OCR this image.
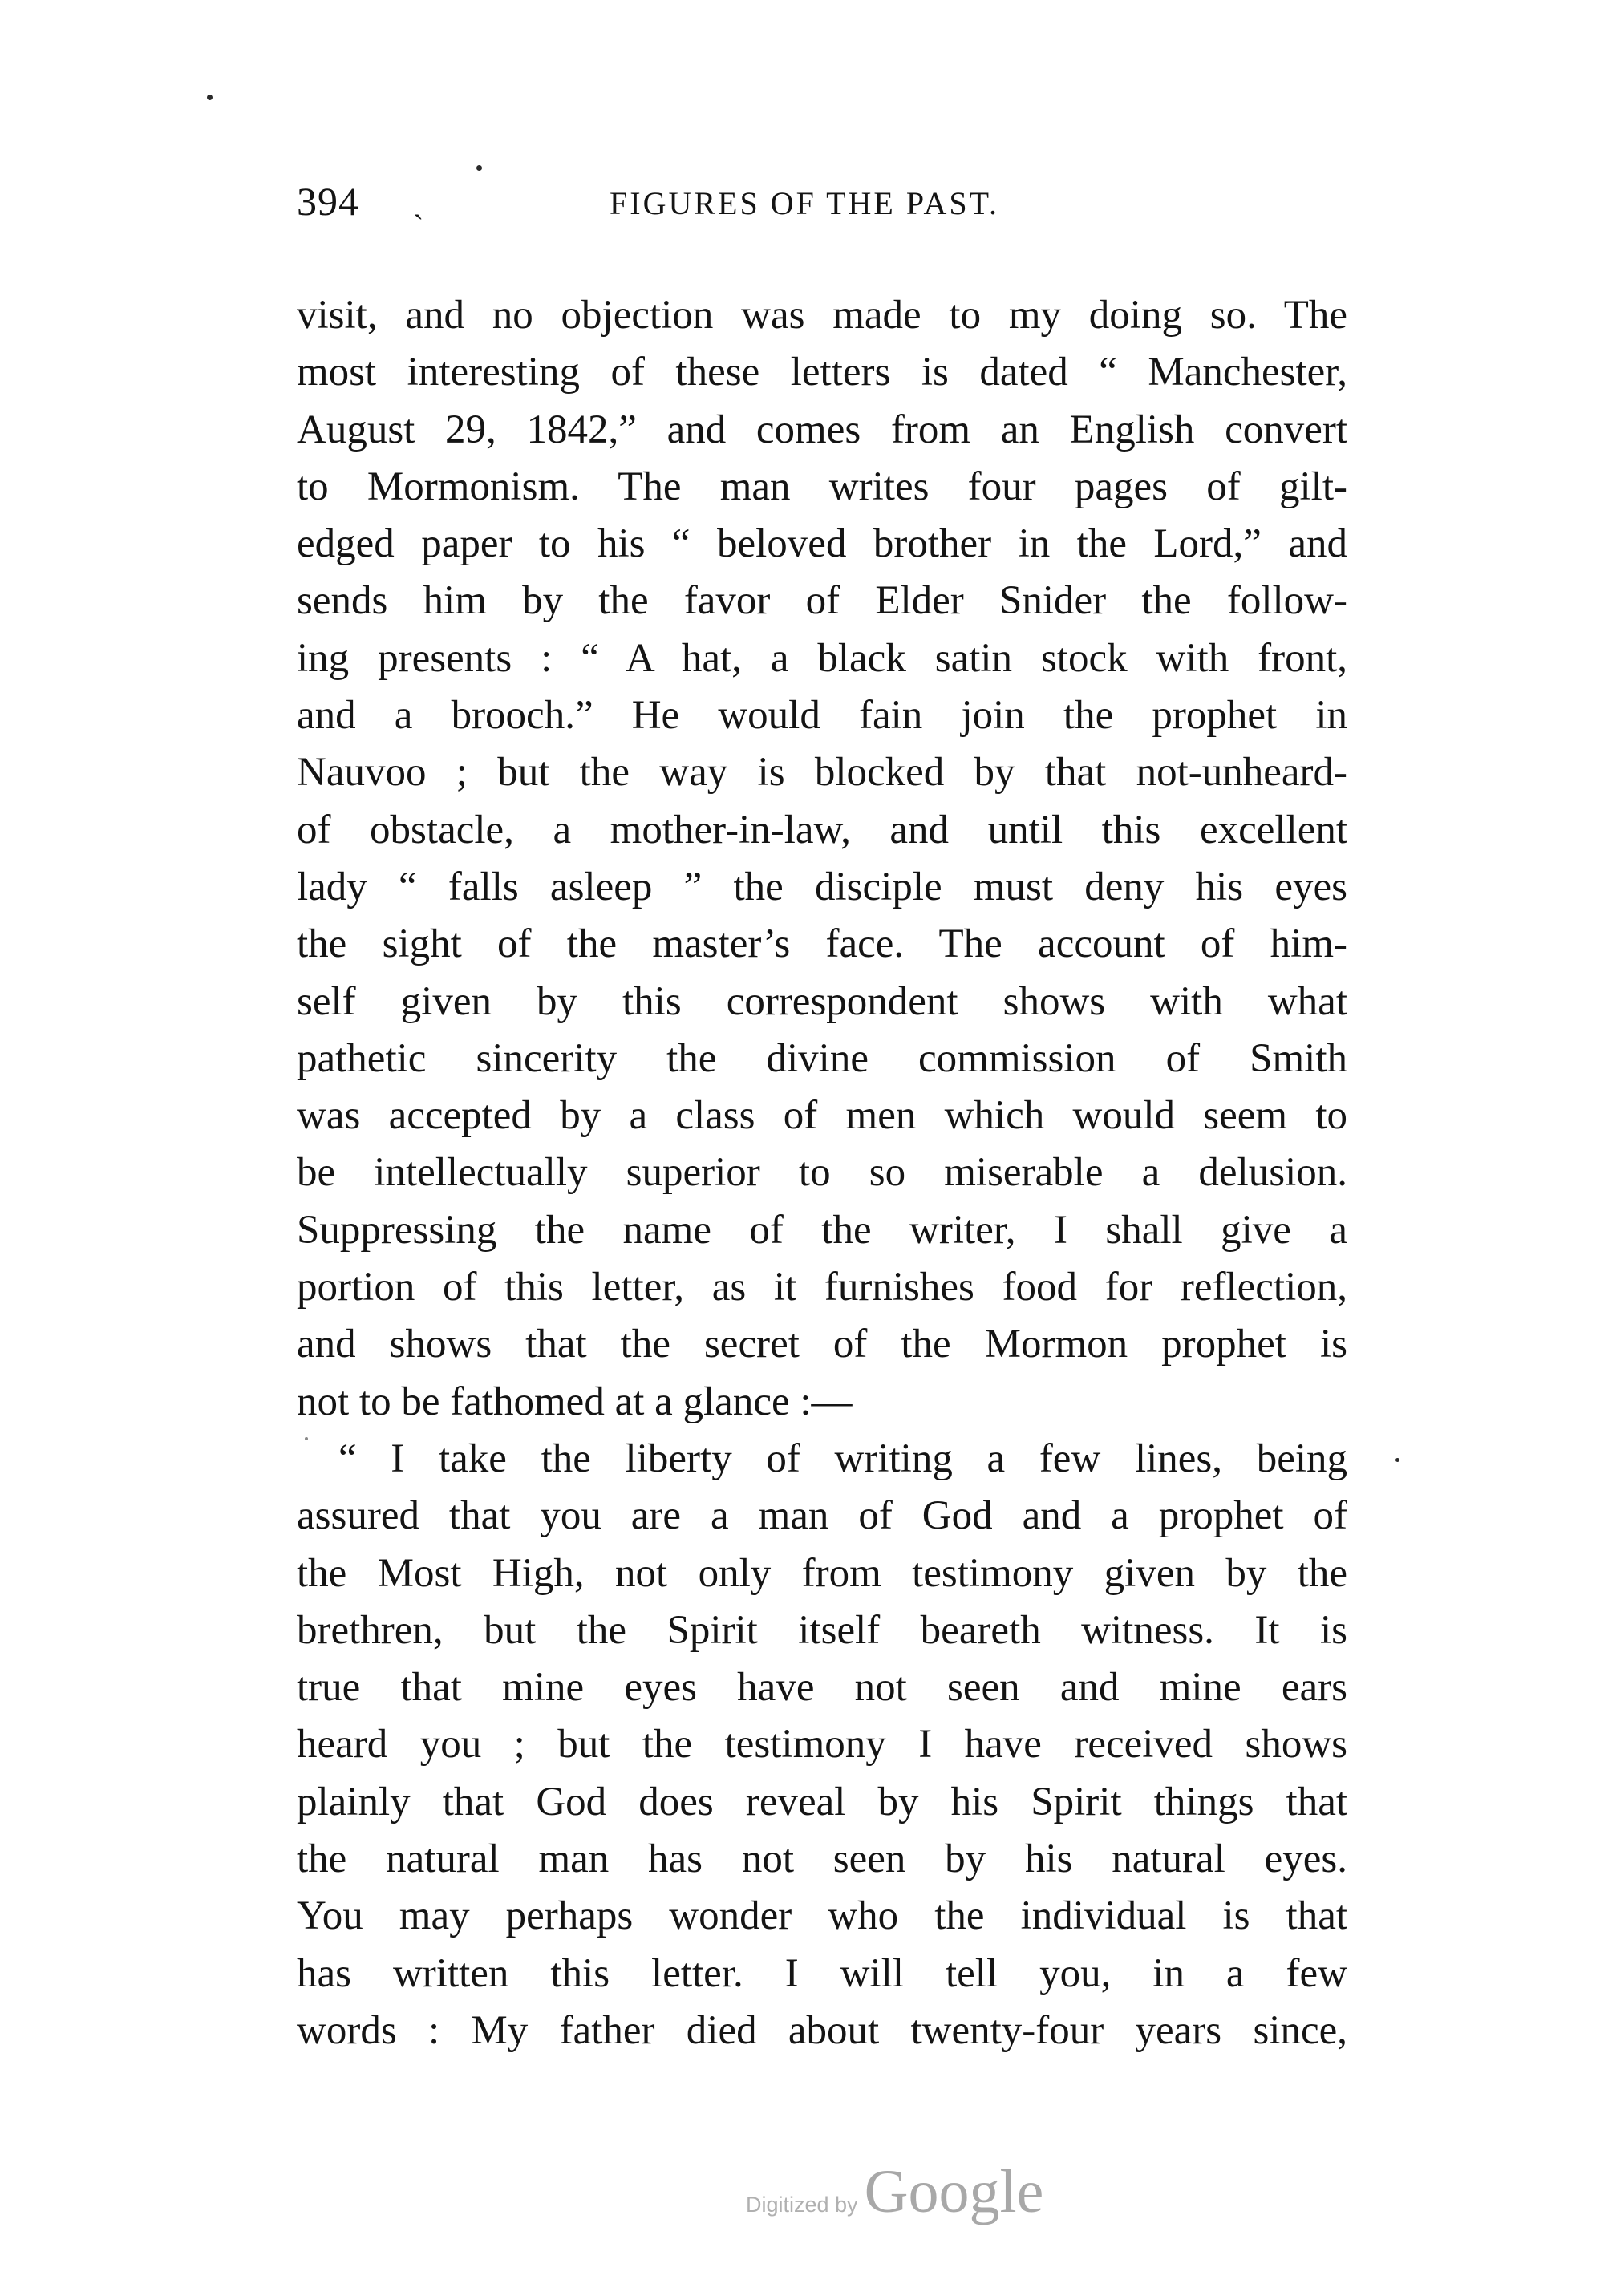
394 ˎ	FIGURES OF THE PAST.
visit, and no objection was made to my doing so. The
most interesting of these letters is dated “ Manchester,
August 29, 1842,” and comes from an English convert
to Mormonism. The man writes four pages of gilt-
edged paper to his “ beloved brother in the Lord,” and
sends him by the favor of Elder Snider the follow-
ing presents : “ A hat, a black satin stock with front,
and a brooch.” He would fain join the prophet in
Nauvoo ; but the way is blocked by that not-unheard-
of obstacle, a mother-in-law, and until this excellent
lady “ falls asleep ” the disciple must deny his eyes
the sight of the master’s face. The account of him-
self given by this correspondent shows with what
pathetic sincerity the divine commission of Smith
was accepted by a class of men which would seem to
be intellectually superior to so miserable a delusion.
Suppressing the name of the writer, I shall give a
portion of this letter, as it furnishes food for reflection,
and shows that the secret of the Mormon prophet is
not to be fathomed at a glance :—
“ I take the liberty of writing a few lines, being
assured that you are a man of God and a prophet of
the Most High, not only from testimony given by the
brethren, but the Spirit itself beareth witness. It is
true that mine eyes have not seen and mine ears
heard you ; but the testimony I have received shows
plainly that God does reveal by his Spirit things that
the natural man has not seen by his natural eyes.
You may perhaps wonder who the individual is that
has written this letter. I will tell you, in a few
words : My father died about twenty-four years since,
Digitized by Google
